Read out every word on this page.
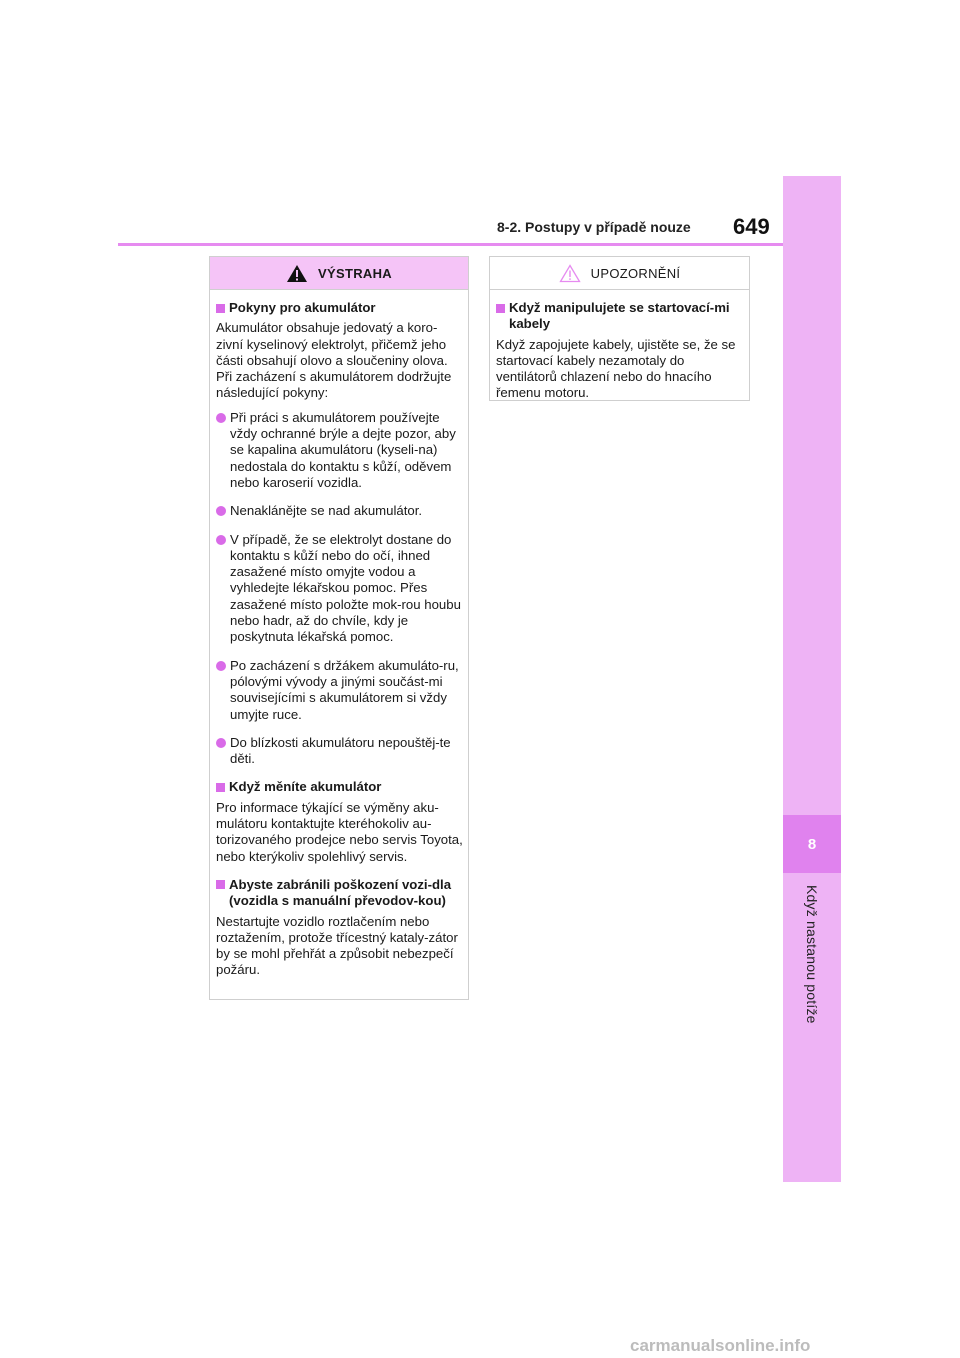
8
Když nastanou potíže
8-2. Postupy v případě nouze 649
VÝSTRAHA
Pokyny pro akumulátor
Akumulátor obsahuje jedovatý a koro-zivní kyselinový elektrolyt, přičemž jeho části obsahují olovo a sloučeniny olova. Při zacházení s akumulátorem dodržujte následující pokyny:
Při práci s akumulátorem používejte vždy ochranné brýle a dejte pozor, aby se kapalina akumulátoru (kyseli-na) nedostala do kontaktu s kůží, oděvem nebo karoserií vozidla.
Nenaklánějte se nad akumulátor.
V případě, že se elektrolyt dostane do kontaktu s kůží nebo do očí, ihned zasažené místo omyjte vodou a vyhledejte lékařskou pomoc. Přes zasažené místo položte mok-rou houbu nebo hadr, až do chvíle, kdy je poskytnuta lékařská pomoc.
Po zacházení s držákem akumuláto-ru, pólovými vývody a jinými součást-mi souvisejícími s akumulátorem si vždy umyjte ruce.
Do blízkosti akumulátoru nepouštěj-te děti.
Když měníte akumulátor
Pro informace týkající se výměny aku-mulátoru kontaktujte kteréhokoliv au-torizovaného prodejce nebo servis Toyota, nebo kterýkoliv spolehlivý servis.
Abyste zabránili poškození vozi-dla (vozidla s manuální převodov-kou)
Nestartujte vozidlo roztlačením nebo roztažením, protože třícestný kataly-zátor by se mohl přehřát a způsobit nebezpečí požáru.
UPOZORNĚNÍ
Když manipulujete se startovací-mi kabely
Když zapojujete kabely, ujistěte se, že se startovací kabely nezamotaly do ventilátorů chlazení nebo do hnacího řemenu motoru.
carmanualsonline.info
